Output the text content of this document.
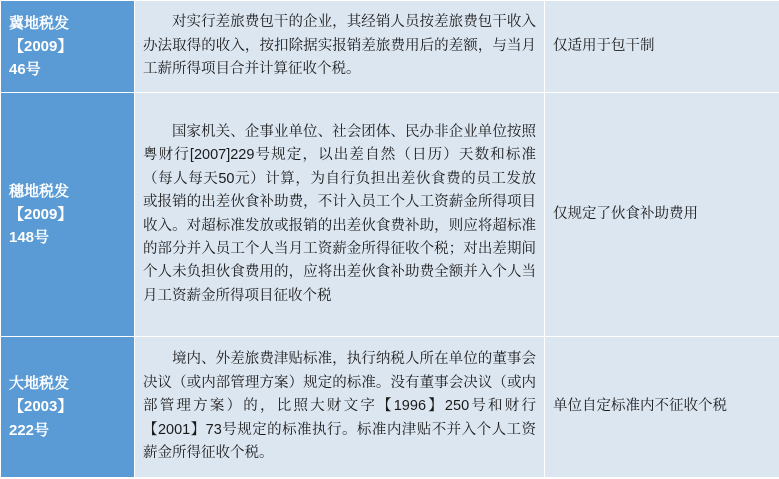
冀地税发
【2009】
46号	对实行差旅费包干的企业，其经销人员按差旅费包干收入办法取得的收入，按扣除据实报销差旅费用后的差额，与当月工薪所得项目合并计算征收个税。	仅适用于包干制

穗地税发
【2009】
148号
	国家机关、企事业单位、社会团体、民办非企业单位按照粤财行[2007]229号规定，以出差自然（日历）天数和标准（每人每天50元）计算，为自行负担出差伙食费的员工发放或报销的出差伙食补助费，不计入员工个人工资薪金所得项目收入。对超标准发放或报销的出差伙食费补助，则应将超标准的部分并入员工个人当月工资薪金所得征收个税；对出差期间个人未负担伙食费用的，应将出差伙食补助费全额并入个人当月工资薪金所得项目征收个税	仅规定了伙食补助费用

大地税发
【2003】
222号	境内、外差旅费津贴标准，执行纳税人所在单位的董事会决议（或内部管理方案）规定的标准。没有董事会决议（或内部管理方案）的，比照大财文字【1996】250号和财行【2001】73号规定的标准执行。标准内津贴不并入个人工资薪金所得征收个税。	单位自定标准内不征收个税
